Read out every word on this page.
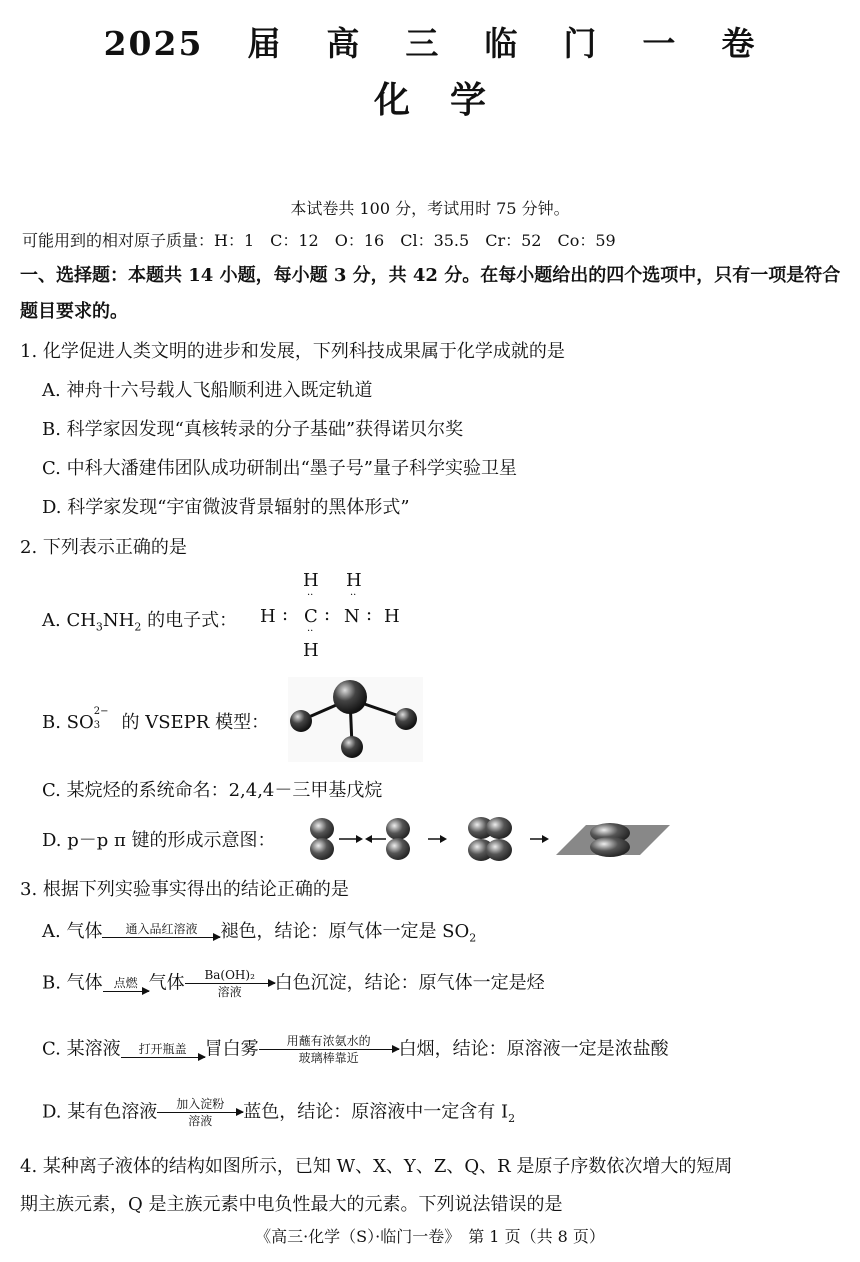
2025 届 高 三 临 门 一 卷
化 学
本试卷共 100 分，考试用时 75 分钟。
可能用到的相对原子质量：H：1　C：12　O：16　Cl：35.5　Cr：52　Co：59
一、选择题：本题共 14 小题，每小题 3 分，共 42 分。在每小题给出的四个选项中，只有一项是符合题目要求的。
1. 化学促进人类文明的进步和发展，下列科技成果属于化学成就的是
A. 神舟十六号载人飞船顺利进入既定轨道
B. 科学家因发现“真核转录的分子基础”获得诺贝尔奖
C. 中科大潘建伟团队成功研制出“墨子号”量子科学实验卫星
D. 科学家发现“宇宙微波背景辐射的黑体形式”
2. 下列表示正确的是
A. $CH_3NH_2$ 的电子式：
H H
··	··
H : C : N : H
··
H
B. SO
2−
3 的 VSEPR 模型：
C. 某烷烃的系统命名：2,4,4－三甲基戊烷
D. p－p π 键的形成示意图：
3. 根据下列实验事实得出的结论正确的是
A. 气体	通入品红溶液	褪色，结论：原气体一定是 $SO_2$
B. 气体 点燃 气体	Ba(OH)₂
溶液	白色沉淀，结论：原气体一定是烃
C. 某溶液	打开瓶盖	冒白雾	用蘸有浓氨水的
玻璃棒靠近	白烟，结论：原溶液一定是浓盐酸
D. 某有色溶液	加入淀粉
溶液	蓝色，结论：原溶液中一定含有 $I_2$
4. 某种离子液体的结构如图所示，已知 W、X、Y、Z、Q、R 是原子序数依次增大的短周
期主族元素，Q 是主族元素中电负性最大的元素。下列说法错误的是
《高三·化学（S）·临门一卷》　第 1 页（共 8 页）
